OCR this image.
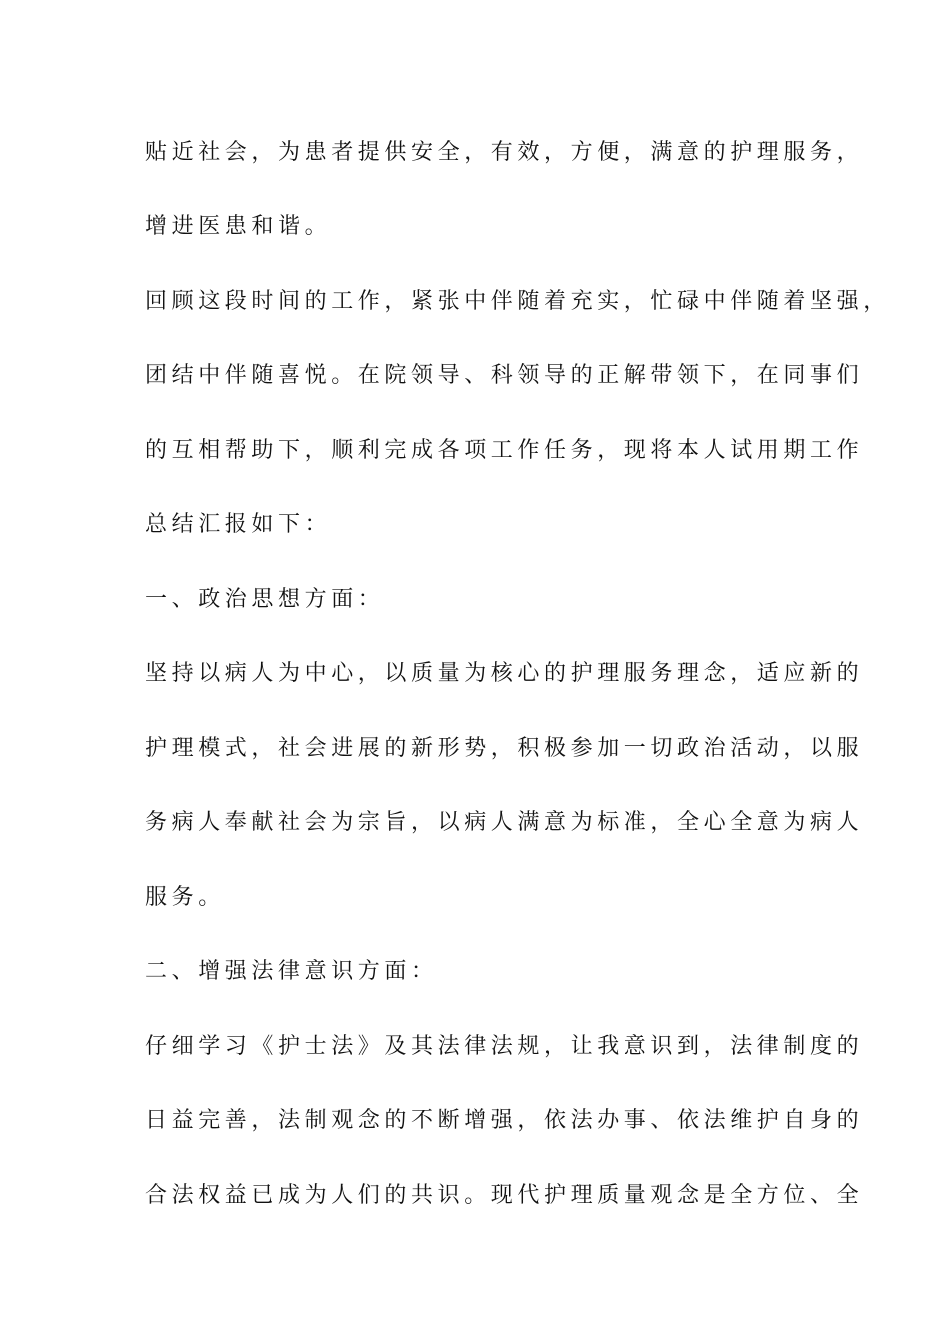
贴近社会，为患者提供安全，有效，方便，满意的护理服务，
增进医患和谐。
回顾这段时间的工作，紧张中伴随着充实，忙碌中伴随着坚强，
团结中伴随喜悦。在院领导、科领导的正解带领下，在同事们
的互相帮助下，顺利完成各项工作任务，现将本人试用期工作
总结汇报如下：
一、政治思想方面：
坚持以病人为中心，以质量为核心的护理服务理念，适应新的
护理模式，社会进展的新形势，积极参加一切政治活动，以服
务病人奉献社会为宗旨，以病人满意为标准，全心全意为病人
服务。
二、增强法律意识方面：
仔细学习《护士法》及其法律法规，让我意识到，法律制度的
日益完善，法制观念的不断增强，依法办事、依法维护自身的
合法权益已成为人们的共识。现代护理质量观念是全方位、全
